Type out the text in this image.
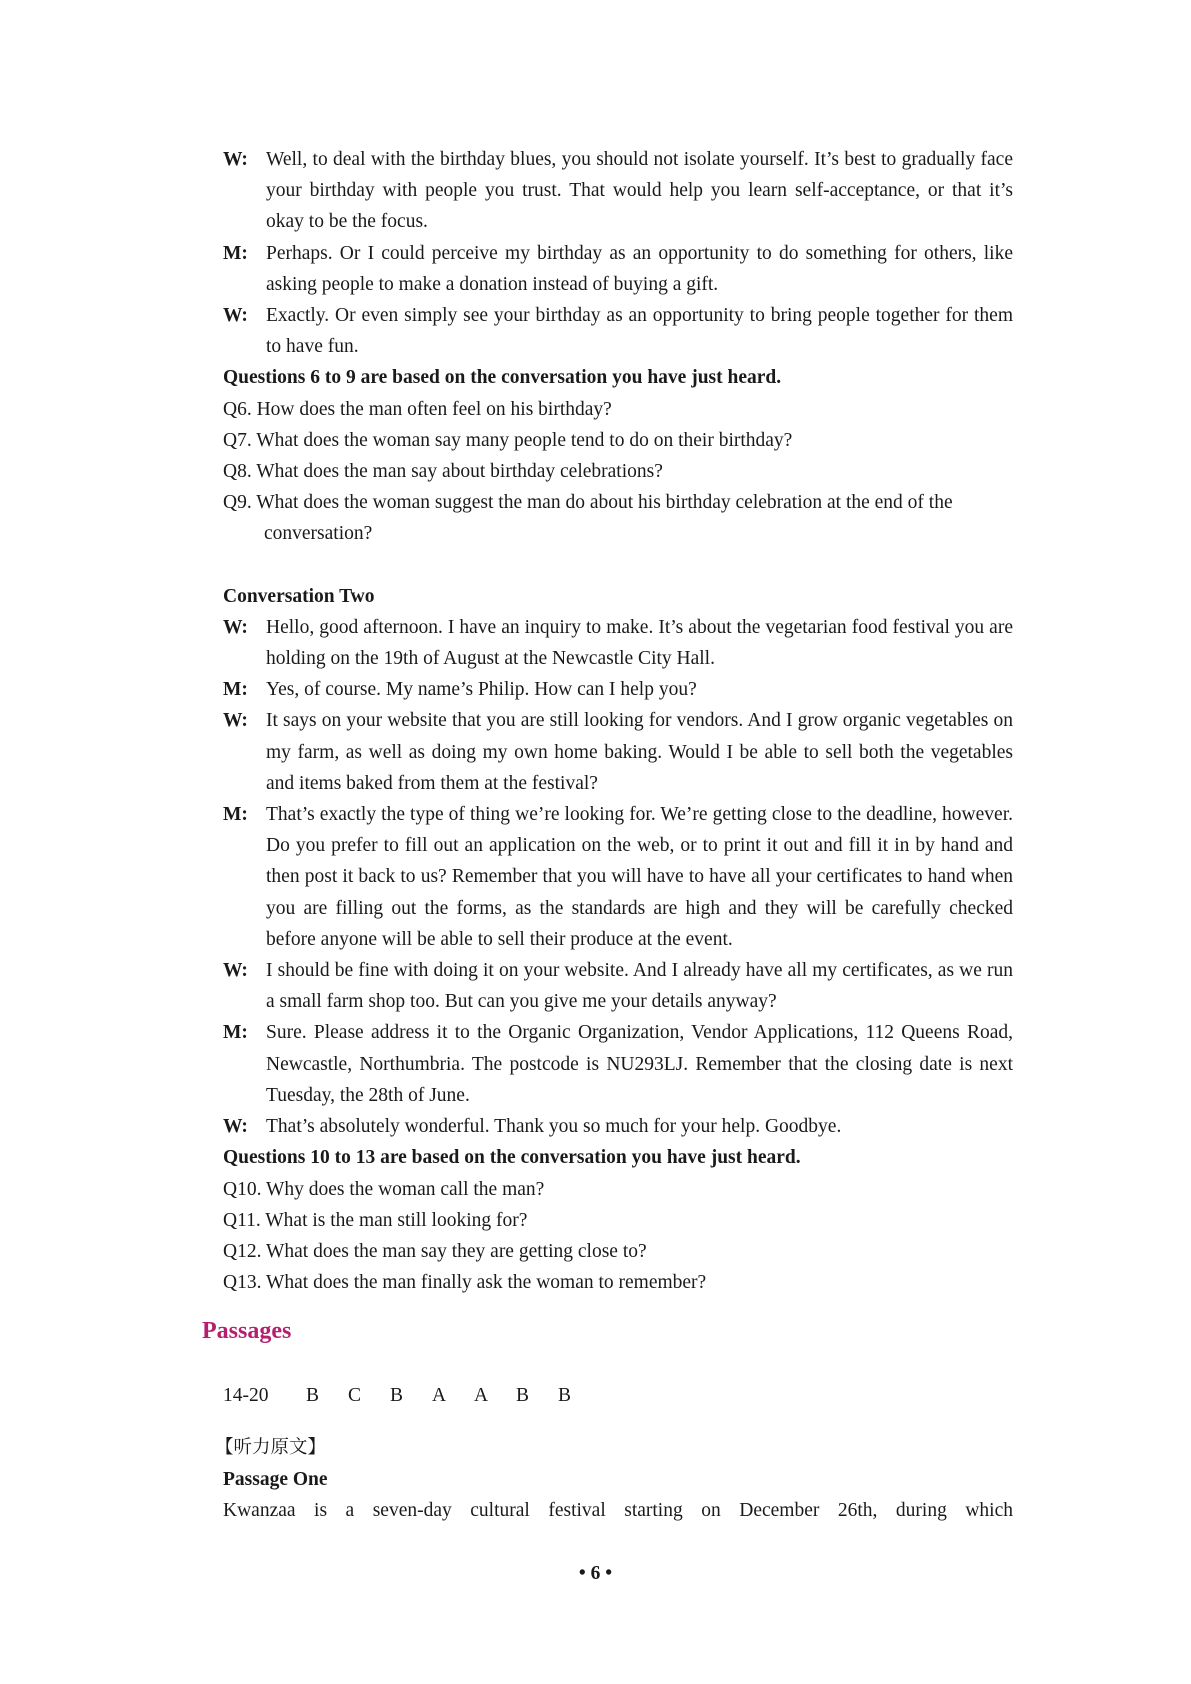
W: Well, to deal with the birthday blues, you should not isolate yourself. It’s best to gradually face your birthday with people you trust. That would help you learn self-acceptance, or that it’s okay to be the focus.
M: Perhaps. Or I could perceive my birthday as an opportunity to do something for others, like asking people to make a donation instead of buying a gift.
W: Exactly. Or even simply see your birthday as an opportunity to bring people together for them to have fun.
Questions 6 to 9 are based on the conversation you have just heard.
Q6. How does the man often feel on his birthday?
Q7. What does the woman say many people tend to do on their birthday?
Q8. What does the man say about birthday celebrations?
Q9. What does the woman suggest the man do about his birthday celebration at the end of the conversation?
Conversation Two
W: Hello, good afternoon. I have an inquiry to make. It’s about the vegetarian food festival you are holding on the 19th of August at the Newcastle City Hall.
M: Yes, of course. My name’s Philip. How can I help you?
W: It says on your website that you are still looking for vendors. And I grow organic vegetables on my farm, as well as doing my own home baking. Would I be able to sell both the vegetables and items baked from them at the festival?
M: That’s exactly the type of thing we’re looking for. We’re getting close to the deadline, however. Do you prefer to fill out an application on the web, or to print it out and fill it in by hand and then post it back to us? Remember that you will have to have all your certificates to hand when you are filling out the forms, as the standards are high and they will be carefully checked before anyone will be able to sell their produce at the event.
W: I should be fine with doing it on your website. And I already have all my certificates, as we run a small farm shop too. But can you give me your details anyway?
M: Sure. Please address it to the Organic Organization, Vendor Applications, 112 Queens Road, Newcastle, Northumbria. The postcode is NU293LJ. Remember that the closing date is next Tuesday, the 28th of June.
W: That’s absolutely wonderful. Thank you so much for your help. Goodbye.
Questions 10 to 13 are based on the conversation you have just heard.
Q10. Why does the woman call the man?
Q11. What is the man still looking for?
Q12. What does the man say they are getting close to?
Q13. What does the man finally ask the woman to remember?
Passages
14-20	B	C	B	A	A	B	B
【听力原文】
Passage One
Kwanzaa is a seven-day cultural festival starting on December 26th, during which
• 6 •
